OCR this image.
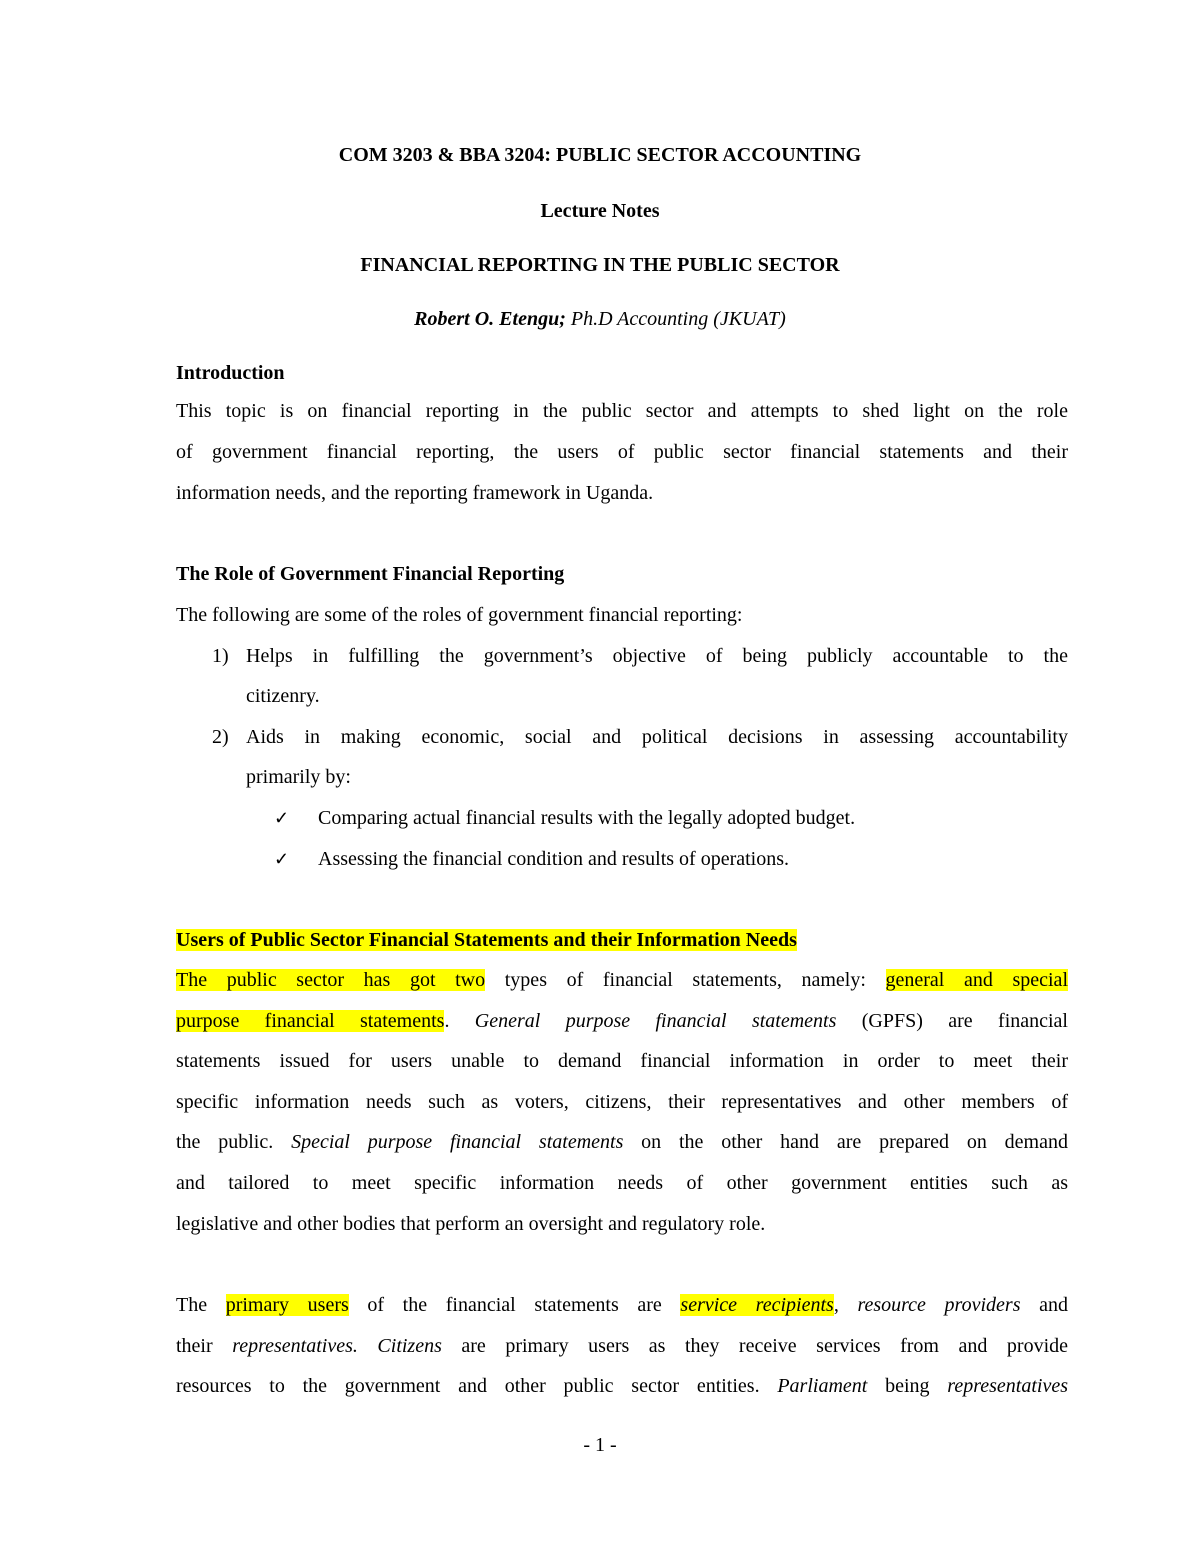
COM 3203 & BBA 3204: PUBLIC SECTOR ACCOUNTING
Lecture Notes
FINANCIAL REPORTING IN THE PUBLIC SECTOR
Robert O. Etengu; Ph.D Accounting (JKUAT)
Introduction
This topic is on financial reporting in the public sector and attempts to shed light on the role
of government financial reporting, the users of public sector financial statements and their
information needs, and the reporting framework in Uganda.
The Role of Government Financial Reporting
The following are some of the roles of government financial reporting:
1) Helps in fulfilling the government’s objective of being publicly accountable to the
citizenry.
2) Aids in making economic, social and political decisions in assessing accountability
primarily by:
✓ Comparing actual financial results with the legally adopted budget.
✓ Assessing the financial condition and results of operations.
Users of Public Sector Financial Statements and their Information Needs
The public sector has got two types of financial statements, namely: general and special
purpose financial statements. General purpose financial statements (GPFS) are financial
statements issued for users unable to demand financial information in order to meet their
specific information needs such as voters, citizens, their representatives and other members of
the public. Special purpose financial statements on the other hand are prepared on demand
and tailored to meet specific information needs of other government entities such as
legislative and other bodies that perform an oversight and regulatory role.
The primary users of the financial statements are service recipients, resource providers and
their representatives. Citizens are primary users as they receive services from and provide
resources to the government and other public sector entities. Parliament being representatives
- 1 -
